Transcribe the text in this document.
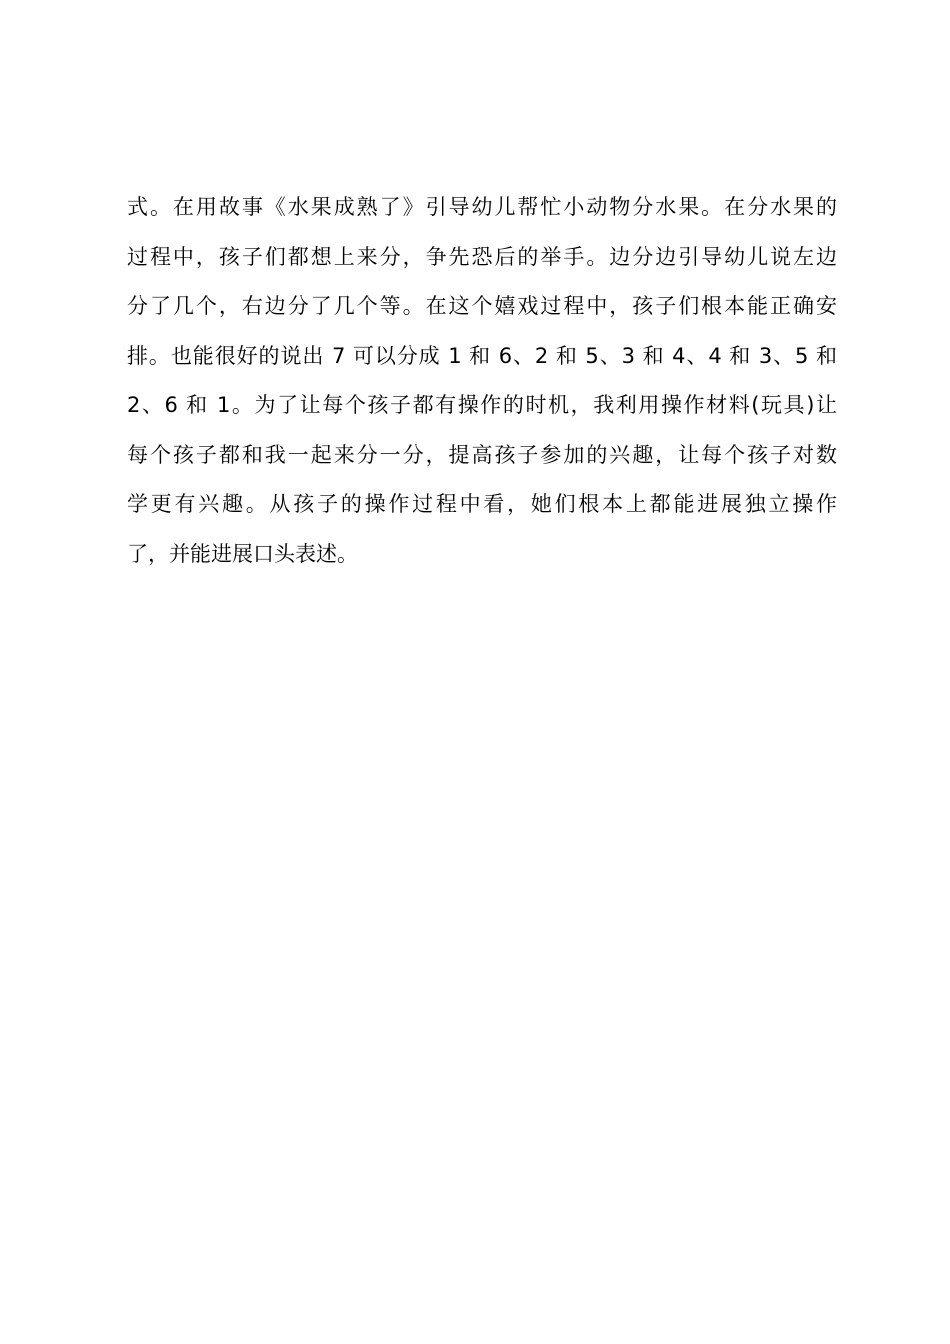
式。在用故事《水果成熟了》引导幼儿帮忙小动物分水果。在分水果的
过程中，孩子们都想上来分，争先恐后的举手。边分边引导幼儿说左边
分了几个，右边分了几个等。在这个嬉戏过程中，孩子们根本能正确安
排。也能很好的说出 7 可以分成 1 和 6、2 和 5、3 和 4、4 和 3、5 和
2、6 和 1。为了让每个孩子都有操作的时机，我利用操作材料(玩具)让
每个孩子都和我一起来分一分，提高孩子参加的兴趣，让每个孩子对数
学更有兴趣。从孩子的操作过程中看，她们根本上都能进展独立操作
了，并能进展口头表述。
